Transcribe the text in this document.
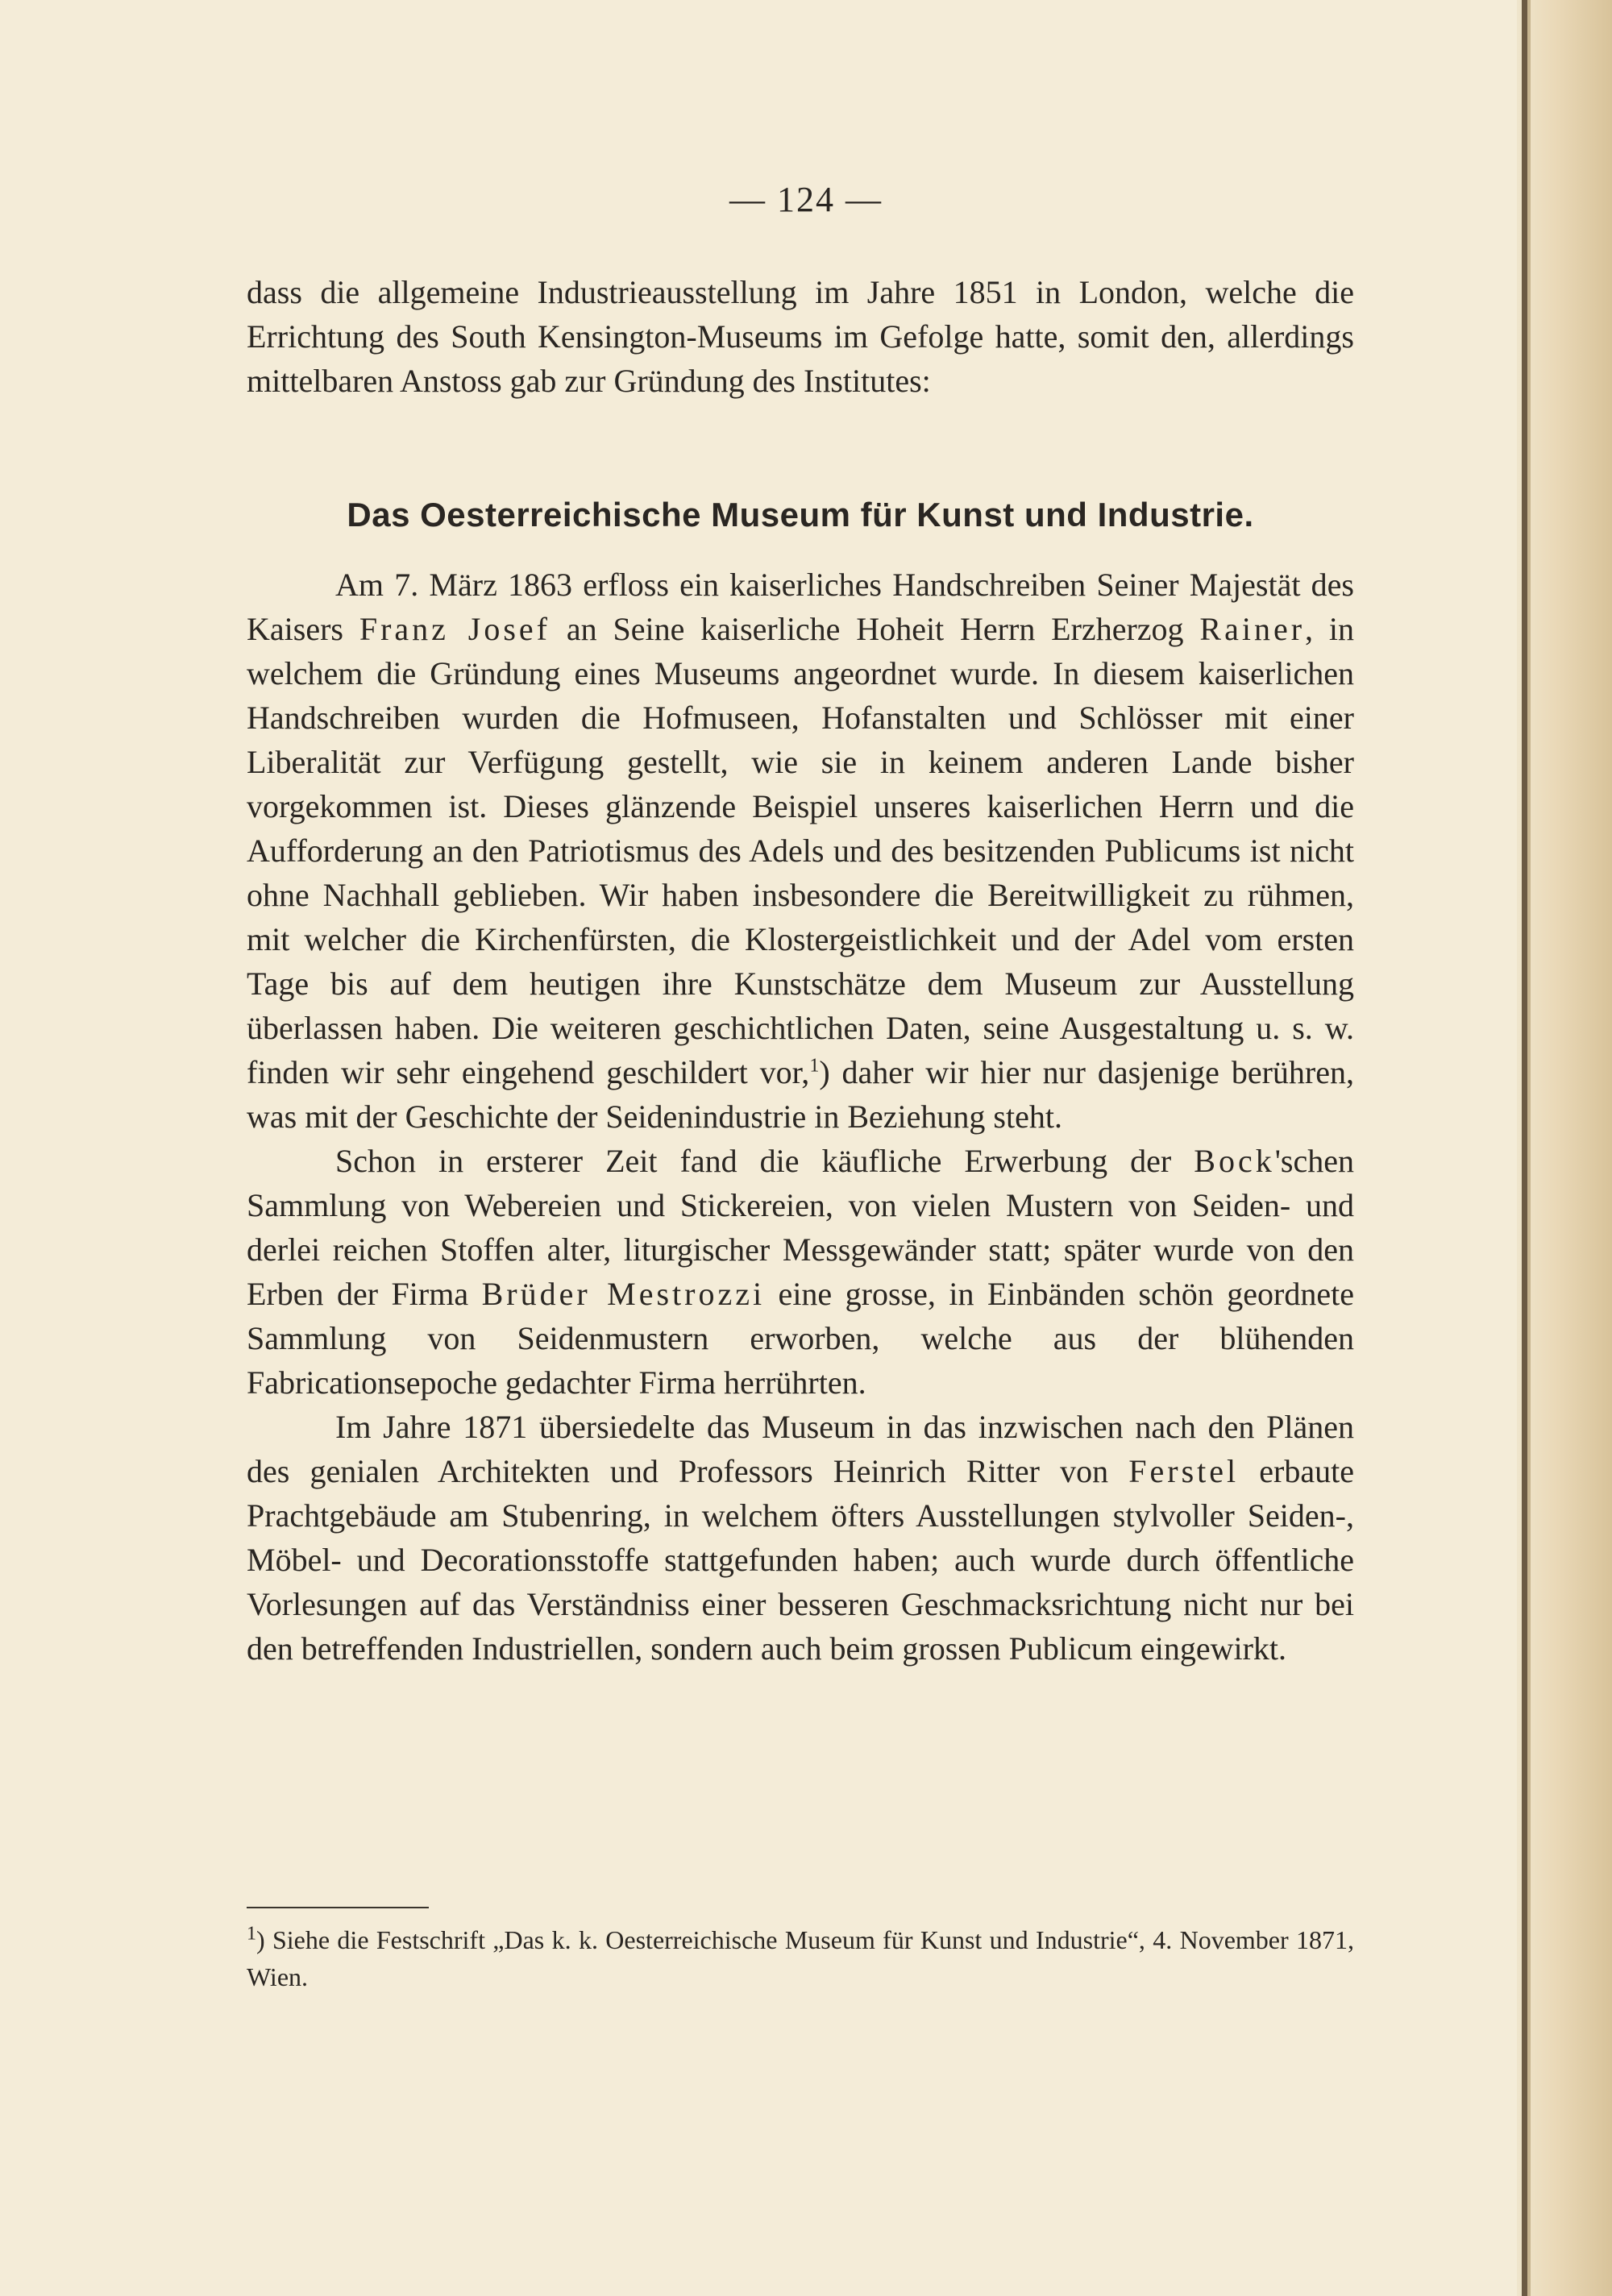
— 124 —

dass die allgemeine Industrieausstellung im Jahre 1851 in London, welche die Errichtung des South Kensington-Museums im Gefolge hatte, somit den, allerdings mittelbaren Anstoss gab zur Gründung des Institutes:

Das Oesterreichische Museum für Kunst und Industrie.

Am 7. März 1863 erfloss ein kaiserliches Handschreiben Seiner Majestät des Kaisers Franz Josef an Seine kaiserliche Hoheit Herrn Erzherzog Rainer, in welchem die Gründung eines Museums angeordnet wurde. In diesem kaiserlichen Handschreiben wurden die Hofmuseen, Hofanstalten und Schlösser mit einer Liberalität zur Verfügung gestellt, wie sie in keinem anderen Lande bisher vorgekommen ist. Dieses glänzende Beispiel unseres kaiserlichen Herrn und die Aufforderung an den Patriotismus des Adels und des besitzenden Publicums ist nicht ohne Nachhall geblieben. Wir haben insbesondere die Bereitwilligkeit zu rühmen, mit welcher die Kirchenfürsten, die Klostergeistlichkeit und der Adel vom ersten Tage bis auf dem heutigen ihre Kunstschätze dem Museum zur Ausstellung überlassen haben. Die weiteren geschichtlichen Daten, seine Ausgestaltung u. s. w. finden wir sehr eingehend geschildert vor,$^1$) daher wir hier nur dasjenige berühren, was mit der Geschichte der Seidenindustrie in Beziehung steht.

Schon in ersterer Zeit fand die käufliche Erwerbung der Bock'schen Sammlung von Webereien und Stickereien, von vielen Mustern von Seiden- und derlei reichen Stoffen alter, liturgischer Messgewänder statt; später wurde von den Erben der Firma Brüder Mestrozzi eine grosse, in Einbänden schön geordnete Sammlung von Seidenmustern erworben, welche aus der blühenden Fabricationsepoche gedachter Firma herrührten.

Im Jahre 1871 übersiedelte das Museum in das inzwischen nach den Plänen des genialen Architekten und Professors Heinrich Ritter von Ferstel erbaute Prachtgebäude am Stubenring, in welchem öfters Ausstellungen stylvoller Seiden-, Möbel- und Decorationsstoffe stattgefunden haben; auch wurde durch öffentliche Vorlesungen auf das Verständniss einer besseren Geschmacksrichtung nicht nur bei den betreffenden Industriellen, sondern auch beim grossen Publicum eingewirkt.

$^1$) Siehe die Festschrift „Das k. k. Oesterreichische Museum für Kunst und Industrie“, 4. November 1871, Wien.
